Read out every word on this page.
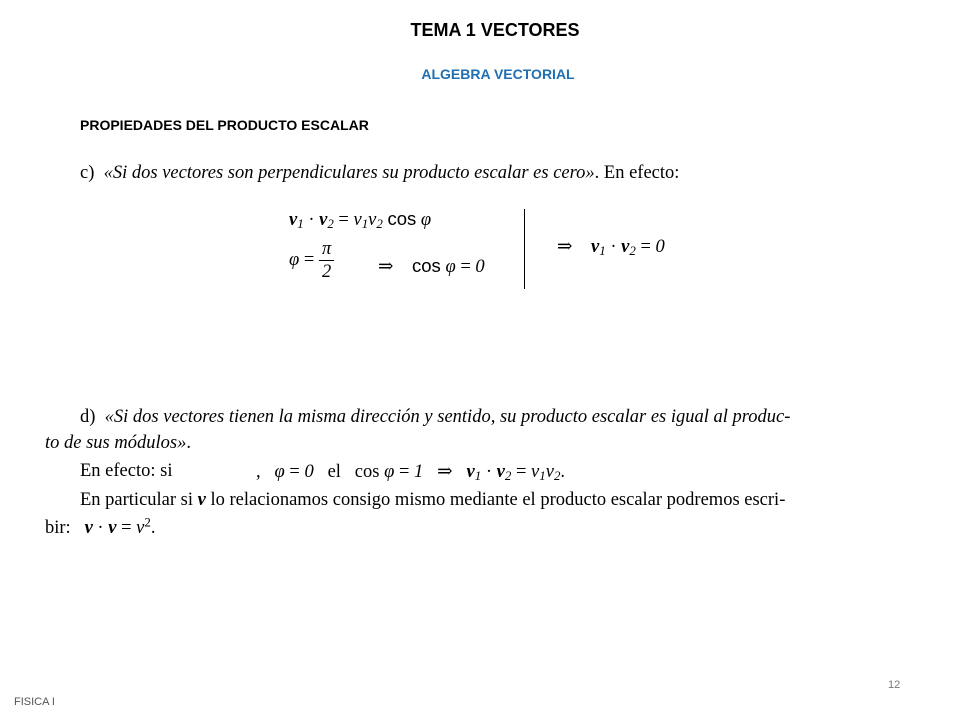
TEMA 1 VECTORES
ALGEBRA VECTORIAL
PROPIEDADES DEL PRODUCTO ESCALAR
c) «Si dos vectores son perpendiculares su producto escalar es cero». En efecto:
$v_1 \cdot v_2 = v_1v_2$ cos φ
$\varphi = \frac{\pi}{2}$ ⇒ cos φ = 0
⇒ $v_1 \cdot v_2 = 0$
d) «Si dos vectores tienen la misma dirección y sentido, su producto escalar es igual al produc-
to de sus módulos».
En efecto: si	,   φ = 0 el cos φ = 1 ⇒ $v_1 \cdot v_2 = v_1v_2$.
En particular si v lo relacionamos consigo mismo mediante el producto escalar podremos escri-
bir: $v \cdot v = v^2$.
FISICA I
12
